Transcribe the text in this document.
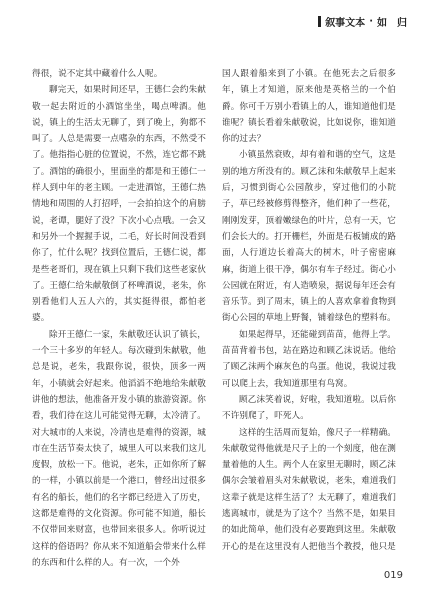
叙事文本 · 如　归

得很，说不定其中藏着什么人呢。

聊完天，如果时间还早，王德仁会约朱献敬一起去附近的小酒馆坐坐，喝点啤酒。他说，镇上的生活太无聊了，到了晚上，狗都不叫了。人总是需要一点嗜杂的东西，不然受不了。他指指心脏的位置说，不然，连它都不跳了。酒馆的确很小，里面坐的都是和王德仁一样人到中年的老主顾。一走进酒馆，王德仁热情地和周围的人打招呼，一会拍拍这个的肩膀说，老谭，腿好了没？下次小心点哦。一会又和另外一个握握手说，二毛，好长时间没看到你了，忙什么呢？找到位置后，王德仁说，都是些老哥们，现在镇上只剩下我们这些老家伙了。王德仁给朱献敬倒了杯啤酒说，老朱，你别看他们人五人六的，其实挺得很，都怕老婆。

除开王德仁一家，朱献敬还认识了镇长，一个三十多岁的年轻人。每次碰到朱献敬，他总是说，老朱，我跟你说，很快，顶多一两年，小镇就会好起来。他滔滔不绝地给朱献敬讲他的想法，他准备开发小镇的旅游资源。你看，我们待在这儿可能觉得无聊，太冷清了。对大城市的人来说，冷清也是难得的资源，城市在生活节奏太快了，城里人可以来我们这儿度假，放松一下。他说，老朱，正如你所了解的一样，小镇以前是一个港口，曾经出过很多有名的船长，他们的名字都已经进入了历史，这都是难得的文化资源。你可能不知道，船长不仅带回来财富，也带回来很多人。你听说过这样的俗语吗？你从来不知道船会带来什么样的东西和什么样的人。有一次，一个外

国人跟着船来到了小镇。在他死去之后很多年，镇上才知道，原来他是英格兰的一个伯爵。你可千万别小看镇上的人，谁知道他们是谁呢？镇长看着朱献敬说，比如说你，谁知道你的过去？

小镇虽然衰败，却有着和谐的空气，这是别的地方所没有的。顾乙沫和朱献敬早上起来后，习惯到街心公园散步，穿过他们的小院子，草已经被修剪得整齐，他们种了一些花，刚刚发芽，顶着嫩绿色的叶片，总有一天，它们会长大的。打开栅栏，外面是石板铺成的路面，人行道边长着高大的树木，叶子密密麻麻，街道上很干净，偶尔有车子经过。街心小公园就在附近，有人造喷泉，据说每年还会有音乐节。到了周末，镇上的人喜欢拿着食物到街心公园的草地上野餐，铺着绿色的塑料布。

如果起得早，还能碰到苗苗，他得上学。苗苗背着书包，站在路边和顾乙沫说话。他给了顾乙沫两个麻灰色的鸟蛋。他说，我说过我可以爬上去，我知道那里有鸟窝。

顾乙沫笑着说，好啦，我知道啦。以后你不许别爬了，吓死人。

这样的生活周而复始，像尺子一样精确。朱献敬觉得他就是尺子上的一个刻度，他在测量着他的人生。两个人在家里无聊时，顾乙沫偶尔会皱着眉头对朱献敬说，老朱，难道我们这辈子就是这样生活了？太无聊了，难道我们逃离城市，就是为了这个？当然不是，如果目的如此简单，他们没有必要跑到这里。朱献敬开心的是在这里没有人把他当个教授，他只是

019
